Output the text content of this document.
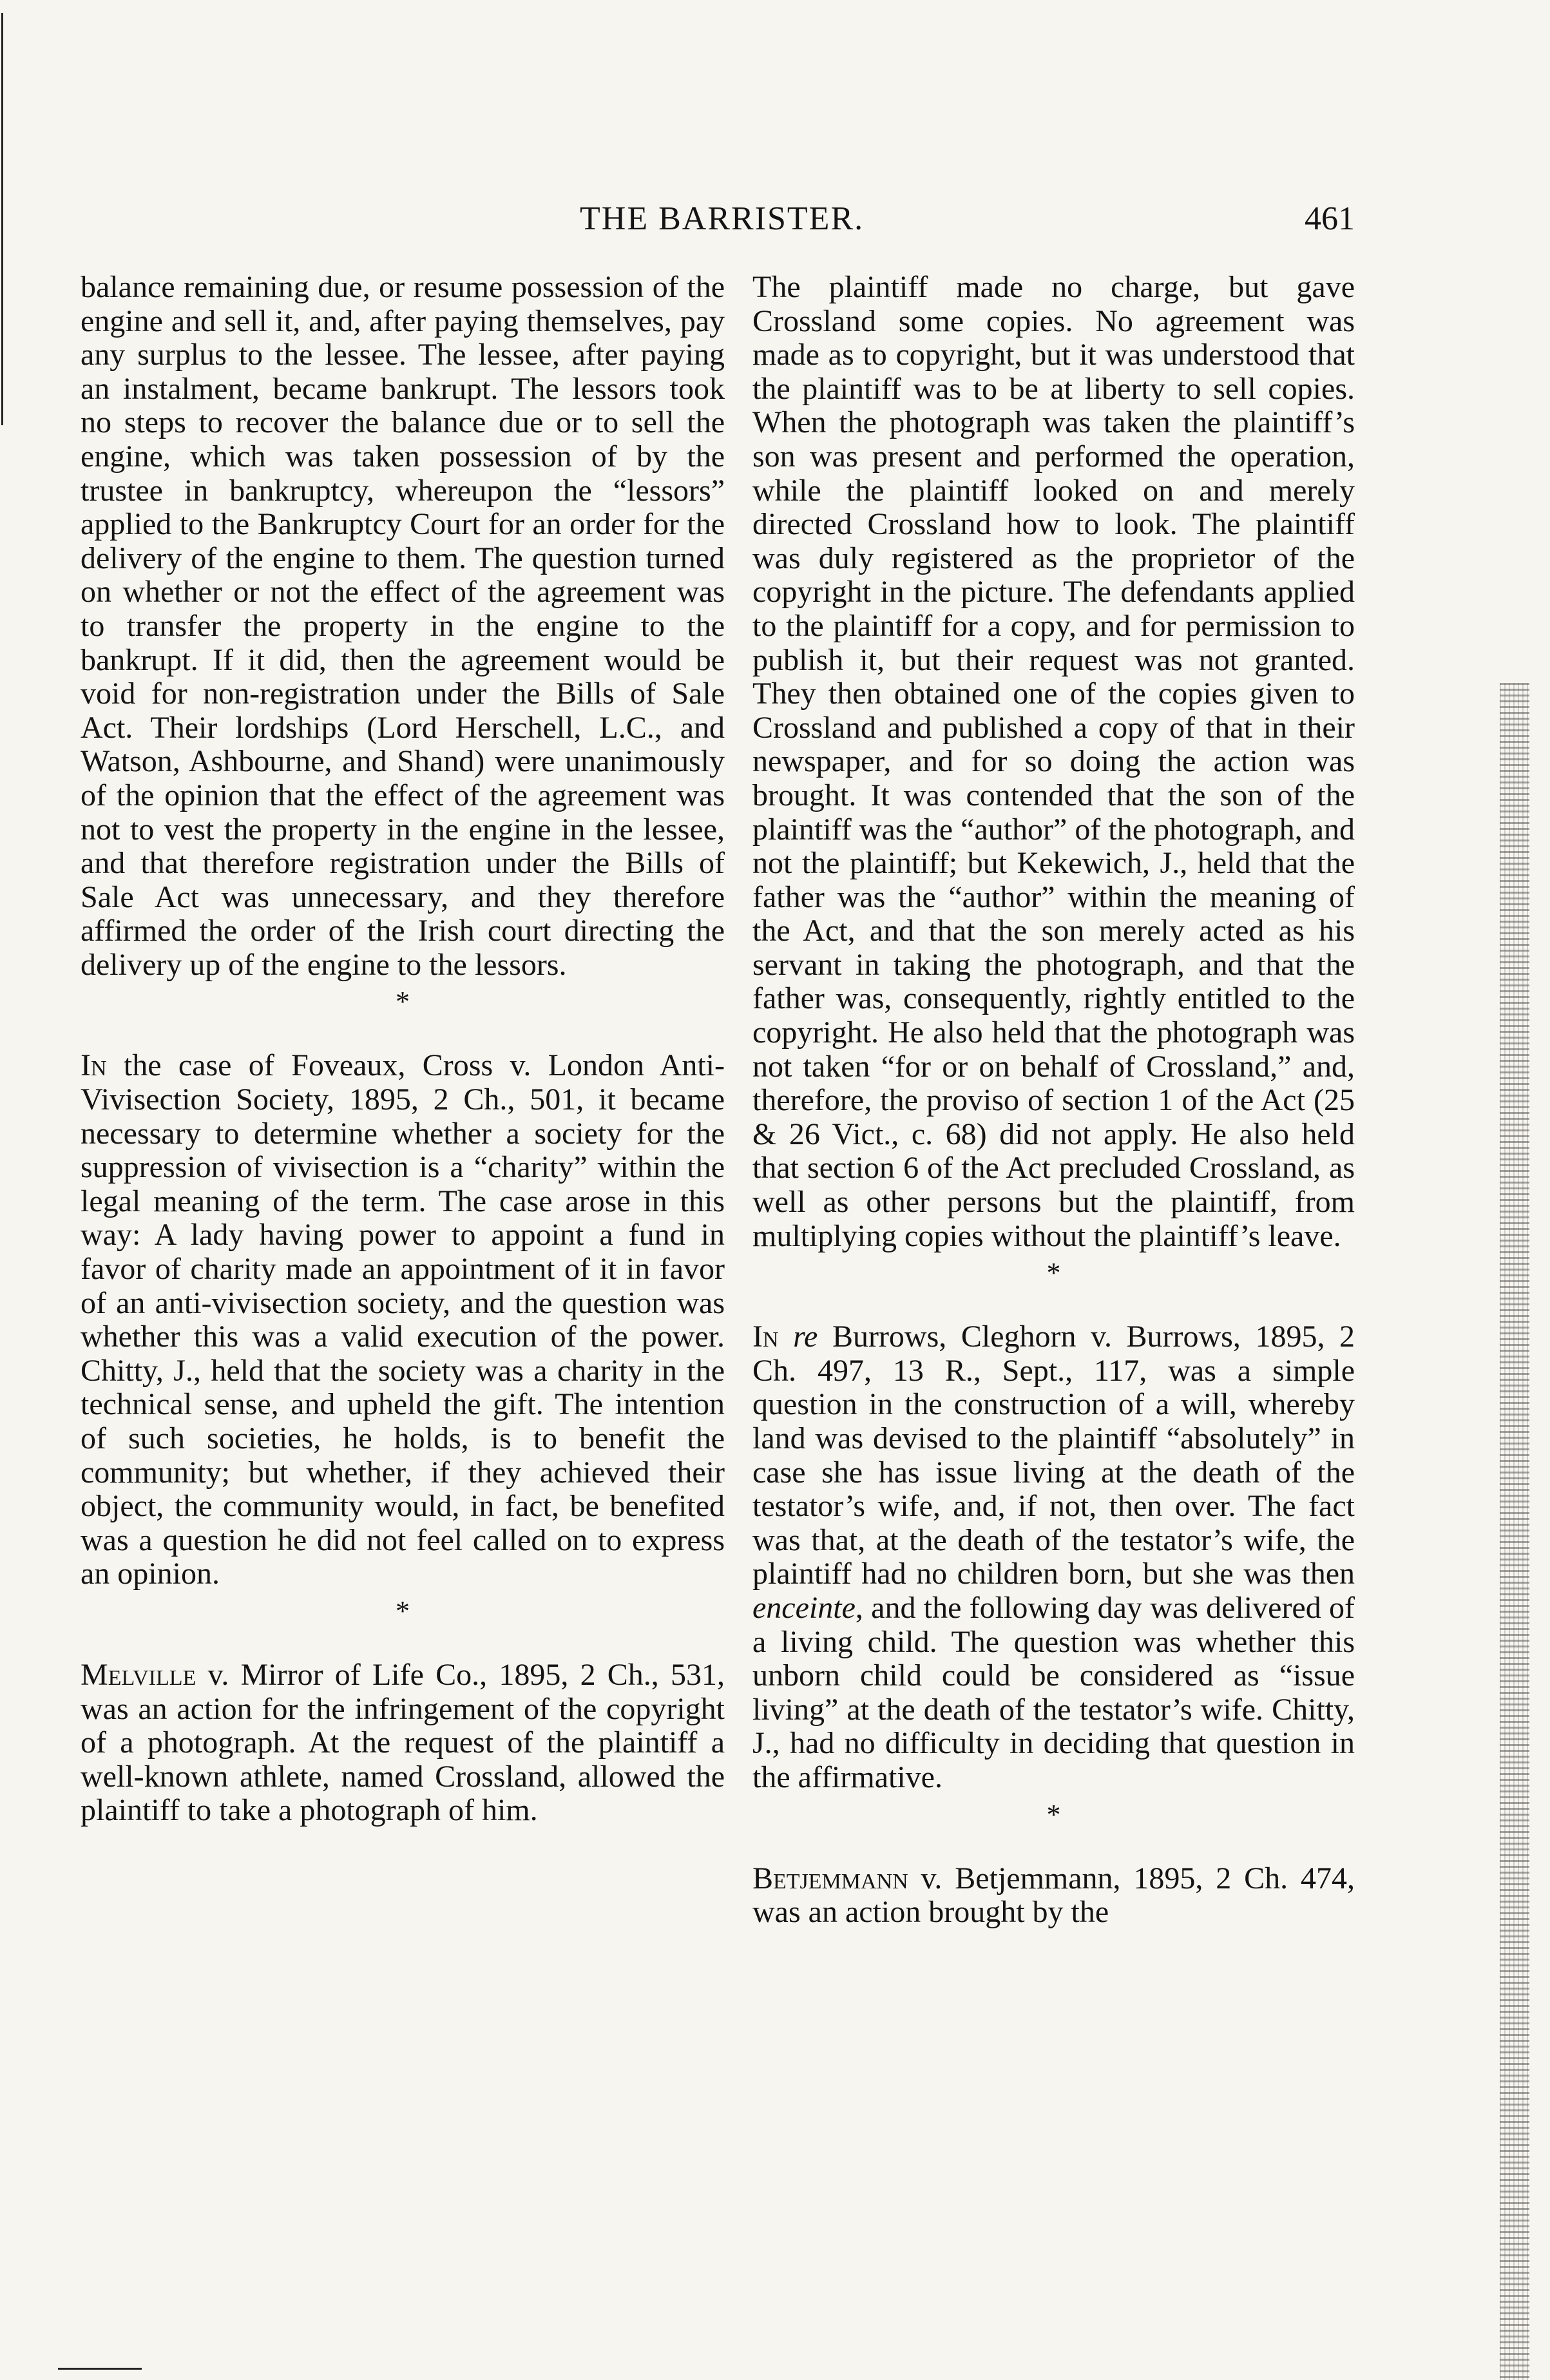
THE BARRISTER.	461

balance remaining due, or resume possession of the engine and sell it, and, after paying themselves, pay any surplus to the lessee. The lessee, after paying an instalment, became bankrupt. The lessors took no steps to recover the balance due or to sell the engine, which was taken possession of by the trustee in bankruptcy, whereupon the “lessors” applied to the Bankruptcy Court for an order for the delivery of the engine to them. The question turned on whether or not the effect of the agreement was to transfer the property in the engine to the bankrupt. If it did, then the agreement would be void for non-registration under the Bills of Sale Act. Their lordships (Lord Herschell, L.C., and Watson, Ashbourne, and Shand) were unanimously of the opinion that the effect of the agreement was not to vest the property in the engine in the lessee, and that therefore registration under the Bills of Sale Act was unnecessary, and they therefore affirmed the order of the Irish court directing the delivery up of the engine to the lessors.

*

In the case of Foveaux, Cross v. London Anti-Vivisection Society, 1895, 2 Ch., 501, it became necessary to determine whether a society for the suppression of vivisection is a “charity” within the legal meaning of the term. The case arose in this way: A lady having power to appoint a fund in favor of charity made an appointment of it in favor of an anti-vivisection society, and the question was whether this was a valid execution of the power. Chitty, J., held that the society was a charity in the technical sense, and upheld the gift. The intention of such societies, he holds, is to benefit the community; but whether, if they achieved their object, the community would, in fact, be benefited was a question he did not feel called on to express an opinion.

*

Melville v. Mirror of Life Co., 1895, 2 Ch., 531, was an action for the infringement of the copyright of a photograph. At the request of the plaintiff a well-known athlete, named Crossland, allowed the plaintiff to take a photograph of him.

The plaintiff made no charge, but gave Crossland some copies. No agreement was made as to copyright, but it was understood that the plaintiff was to be at liberty to sell copies. When the photograph was taken the plaintiff’s son was present and performed the operation, while the plaintiff looked on and merely directed Crossland how to look. The plaintiff was duly registered as the proprietor of the copyright in the picture. The defendants applied to the plaintiff for a copy, and for permission to publish it, but their request was not granted. They then obtained one of the copies given to Crossland and published a copy of that in their newspaper, and for so doing the action was brought. It was contended that the son of the plaintiff was the “author” of the photograph, and not the plaintiff; but Kekewich, J., held that the father was the “author” within the meaning of the Act, and that the son merely acted as his servant in taking the photograph, and that the father was, consequently, rightly entitled to the copyright. He also held that the photograph was not taken “for or on behalf of Crossland,” and, therefore, the proviso of section 1 of the Act (25 & 26 Vict., c. 68) did not apply. He also held that section 6 of the Act precluded Crossland, as well as other persons but the plaintiff, from multiplying copies without the plaintiff’s leave.

*

In re Burrows, Cleghorn v. Burrows, 1895, 2 Ch. 497, 13 R., Sept., 117, was a simple question in the construction of a will, whereby land was devised to the plaintiff “absolutely” in case she has issue living at the death of the testator’s wife, and, if not, then over. The fact was that, at the death of the testator’s wife, the plaintiff had no children born, but she was then enceinte, and the following day was delivered of a living child. The question was whether this unborn child could be considered as “issue living” at the death of the testator’s wife. Chitty, J., had no difficulty in deciding that question in the affirmative.

*

Betjemmann v. Betjemmann, 1895, 2 Ch. 474, was an action brought by the
